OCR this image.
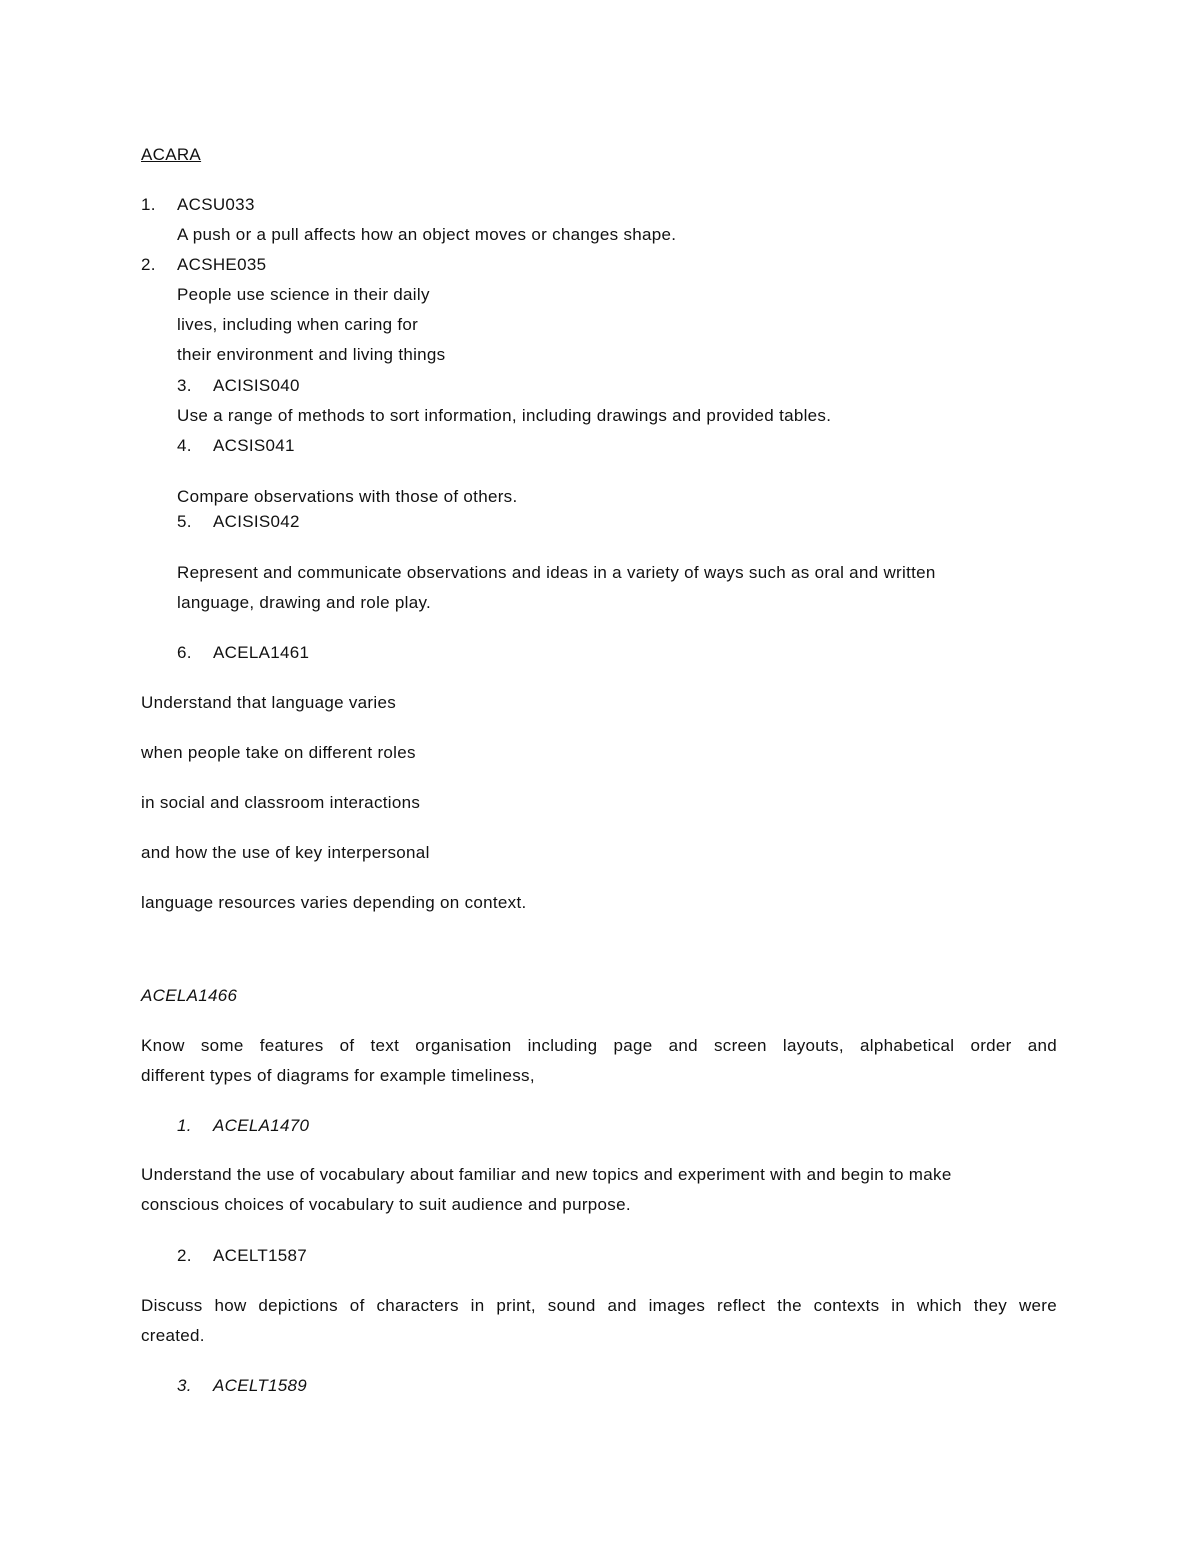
ACARA
1. ACSU033
A push or a pull affects how an object moves or changes shape.
2. ACSHE035
People use science in their daily
lives, including when caring for
their environment and living things
3. ACISIS040
Use a range of methods to sort information, including drawings and provided tables.
4. ACSIS041
Compare observations with those of others.
5. ACISIS042
Represent and communicate observations and ideas in a variety of ways such as oral and written
language, drawing and role play.
6. ACELA1461
Understand that language varies
when people take on different roles
in social and classroom interactions
and how the use of key interpersonal
language resources varies depending on context.
ACELA1466
Know some features of text organisation including page and screen layouts, alphabetical order and
different types of diagrams for example timeliness,
1. ACELA1470
Understand the use of vocabulary about familiar and new topics and experiment with and begin to make
conscious choices of vocabulary to suit audience and purpose.
2. ACELT1587
Discuss how depictions of characters in print, sound and images reflect the contexts in which they were
created.
3. ACELT1589
